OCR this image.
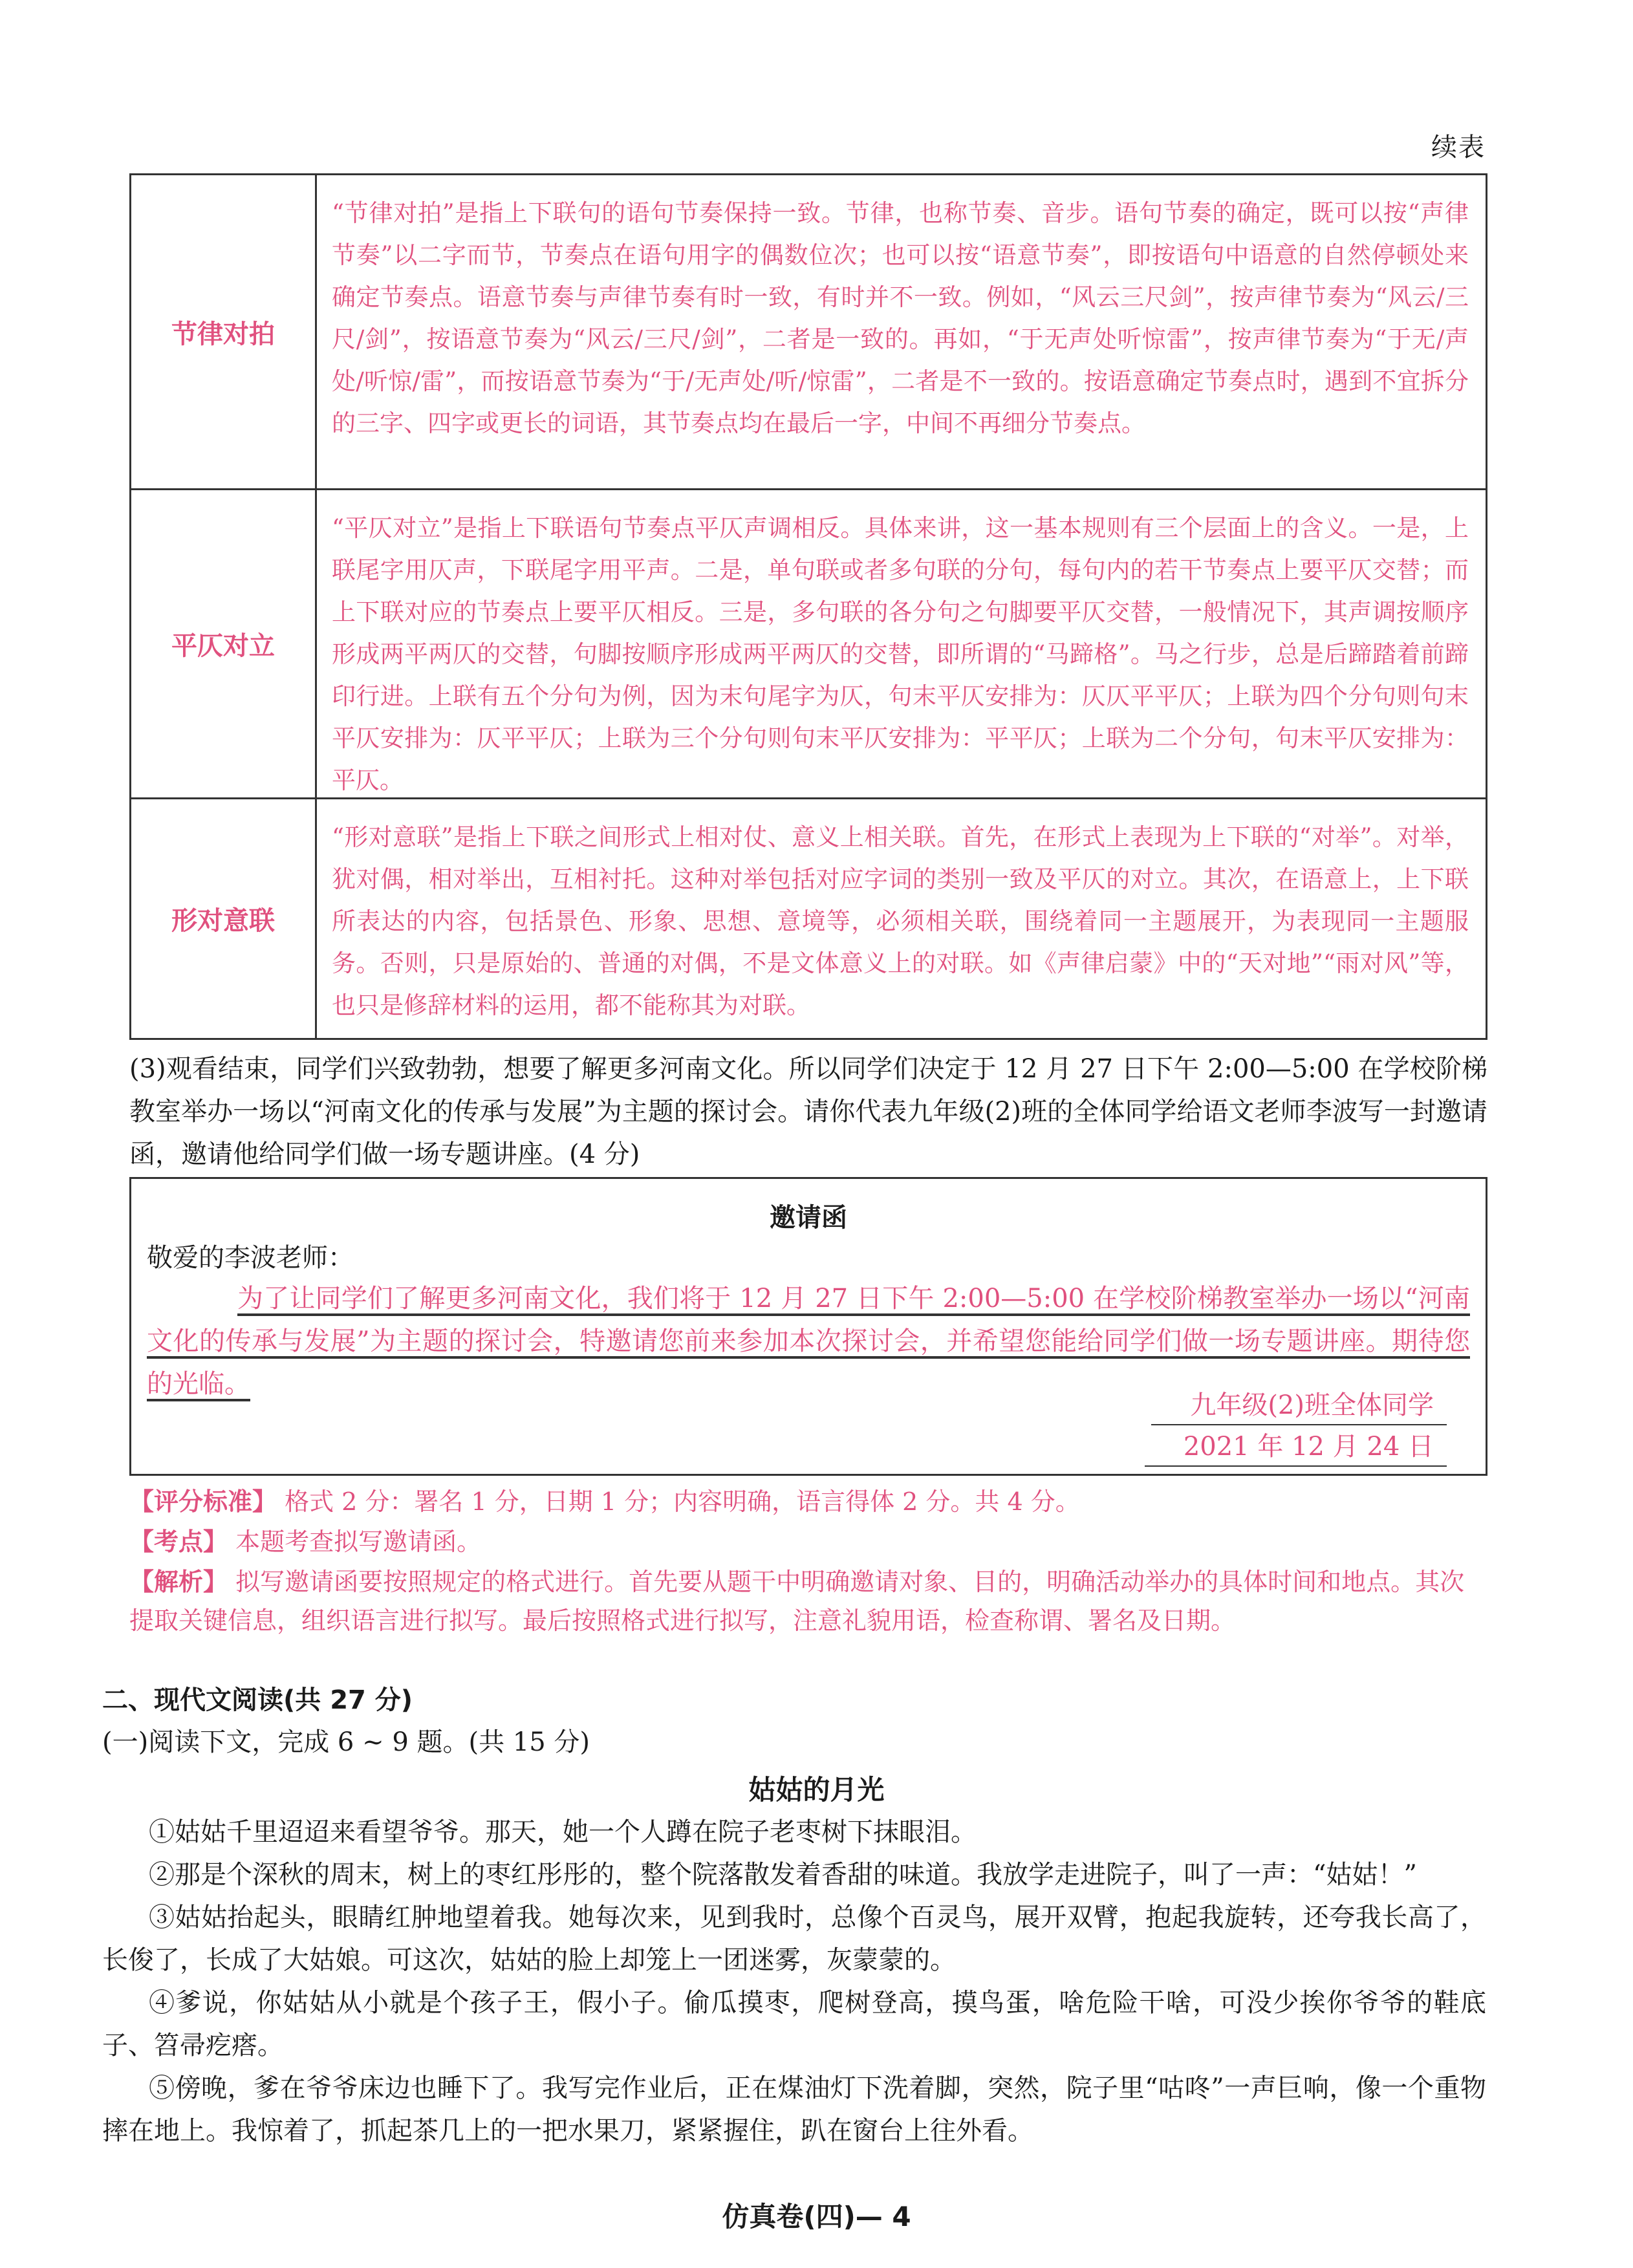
续表
节律对拍
“节律对拍”是指上下联句的语句节奏保持一致。节律，也称节奏、音步。语句节奏的确定，既可以按“声律节奏”以二字而节，节奏点在语句用字的偶数位次；也可以按“语意节奏”，即按语句中语意的自然停顿处来确定节奏点。语意节奏与声律节奏有时一致，有时并不一致。例如，“风云三尺剑”，按声律节奏为“风云/三尺/剑”，按语意节奏为“风云/三尺/剑”，二者是一致的。再如，“于无声处听惊雷”，按声律节奏为“于无/声处/听惊/雷”，而按语意节奏为“于/无声处/听/惊雷”，二者是不一致的。按语意确定节奏点时，遇到不宜拆分的三字、四字或更长的词语，其节奏点均在最后一字，中间不再细分节奏点。
平仄对立
“平仄对立”是指上下联语句节奏点平仄声调相反。具体来讲，这一基本规则有三个层面上的含义。一是，上联尾字用仄声，下联尾字用平声。二是，单句联或者多句联的分句，每句内的若干节奏点上要平仄交替；而上下联对应的节奏点上要平仄相反。三是，多句联的各分句之句脚要平仄交替，一般情况下，其声调按顺序形成两平两仄的交替，句脚按顺序形成两平两仄的交替，即所谓的“马蹄格”。马之行步，总是后蹄踏着前蹄印行进。上联有五个分句为例，因为末句尾字为仄，句末平仄安排为：仄仄平平仄；上联为四个分句则句末平仄安排为：仄平平仄；上联为三个分句则句末平仄安排为：平平仄；上联为二个分句，句末平仄安排为：平仄。
形对意联
“形对意联”是指上下联之间形式上相对仗、意义上相关联。首先，在形式上表现为上下联的“对举”。对举，犹对偶，相对举出，互相衬托。这种对举包括对应字词的类别一致及平仄的对立。其次，在语意上，上下联所表达的内容，包括景色、形象、思想、意境等，必须相关联，围绕着同一主题展开，为表现同一主题服务。否则，只是原始的、普通的对偶，不是文体意义上的对联。如《声律启蒙》中的“天对地”“雨对风”等，也只是修辞材料的运用，都不能称其为对联。
(3)观看结束，同学们兴致勃勃，想要了解更多河南文化。所以同学们决定于 12 月 27 日下午 2:00—5:00 在学校阶梯教室举办一场以“河南文化的传承与发展”为主题的探讨会。请你代表九年级(2)班的全体同学给语文老师李波写一封邀请函，邀请他给同学们做一场专题讲座。(4 分)
邀请函
敬爱的李波老师：
为了让同学们了解更多河南文化，我们将于 12 月 27 日下午 2:00—5:00 在学校阶梯教室举办一场以“河南文化的传承与发展”为主题的探讨会，特邀请您前来参加本次探讨会，并希望您能给同学们做一场专题讲座。期待您的光临。
九年级(2)班全体同学
2021 年 12 月 24 日
【评分标准】 格式 2 分：署名 1 分，日期 1 分；内容明确，语言得体 2 分。共 4 分。
【考点】 本题考查拟写邀请函。
【解析】 拟写邀请函要按照规定的格式进行。首先要从题干中明确邀请对象、目的，明确活动举办的具体时间和地点。其次提取关键信息，组织语言进行拟写。最后按照格式进行拟写，注意礼貌用语，检查称谓、署名及日期。
二、现代文阅读(共 27 分)
(一)阅读下文，完成 6 ~ 9 题。(共 15 分)
姑姑的月光
①姑姑千里迢迢来看望爷爷。那天，她一个人蹲在院子老枣树下抹眼泪。
②那是个深秋的周末，树上的枣红彤彤的，整个院落散发着香甜的味道。我放学走进院子，叫了一声：“姑姑！”
③姑姑抬起头，眼睛红肿地望着我。她每次来，见到我时，总像个百灵鸟，展开双臂，抱起我旋转，还夸我长高了，长俊了，长成了大姑娘。可这次，姑姑的脸上却笼上一团迷雾，灰蒙蒙的。
④爹说，你姑姑从小就是个孩子王，假小子。偷瓜摸枣，爬树登高，摸鸟蛋，啥危险干啥，可没少挨你爷爷的鞋底子、笤帚疙瘩。
⑤傍晚，爹在爷爷床边也睡下了。我写完作业后，正在煤油灯下洗着脚，突然，院子里“咕咚”一声巨响，像一个重物摔在地上。我惊着了，抓起茶几上的一把水果刀，紧紧握住，趴在窗台上往外看。
仿真卷(四)— 4
